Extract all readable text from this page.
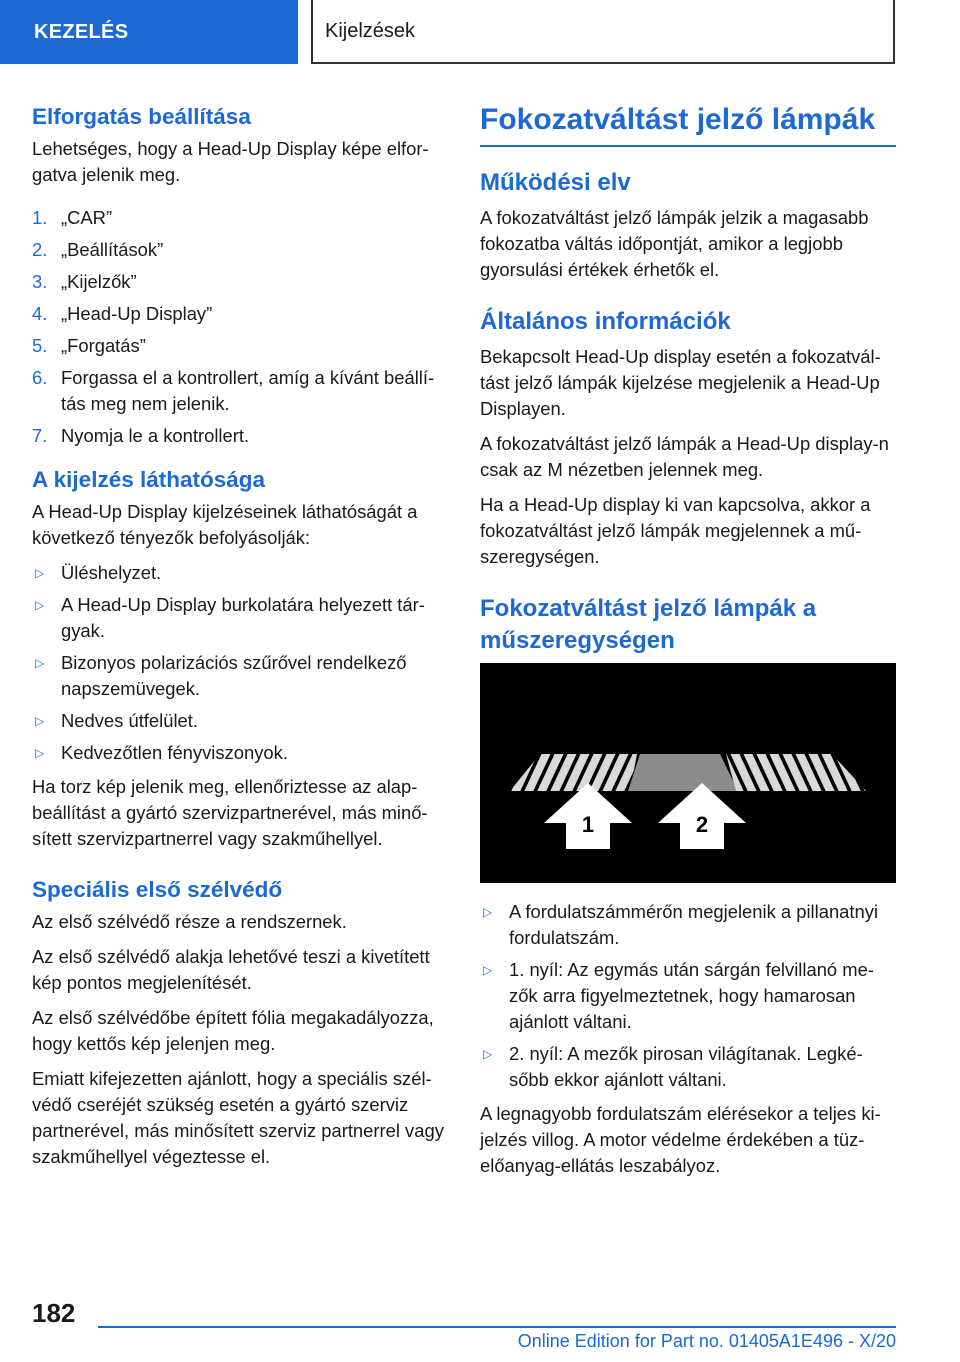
KEZELÉS	Kijelzések
Elforgatás beállítása

Lehetséges, hogy a Head-Up Display képe elfor-gatva jelenik meg.

1. „CAR”
2. „Beállítások”
3. „Kijelzők”
4. „Head-Up Display”
5. „Forgatás”
6. Forgassa el a kontrollert, amíg a kívánt beállí-tás meg nem jelenik.
7. Nyomja le a kontrollert.
A kijelzés láthatósága

A Head-Up Display kijelzéseinek láthatóságát a következő tényezők befolyásolják:

▷ Üléshelyzet.
▷ A Head-Up Display burkolatára helyezett tár-gyak.
▷ Bizonyos polarizációs szűrővel rendelkező napszemüvegek.
▷ Nedves útfelület.
▷ Kedvezőtlen fényviszonyok.

Ha torz kép jelenik meg, ellenőriztesse az alap-beállítást a gyártó szervizpartnerével, más minő-sített szervizpartnerrel vagy szakműhellyel.

Speciális első szélvédő

Az első szélvédő része a rendszernek.

Az első szélvédő alakja lehetővé teszi a kivetített kép pontos megjelenítését.

Az első szélvédőbe épített fólia megakadályozza, hogy kettős kép jelenjen meg.

Emiatt kifejezetten ajánlott, hogy a speciális szél-védő cseréjét szükség esetén a gyártó szerviz partnerével, más minősített szerviz partnerrel vagy szakműhellyel végeztesse el.

Fokozatváltást jelző lámpák
Működési elv

A fokozatváltást jelző lámpák jelzik a magasabb fokozatba váltás időpontját, amikor a legjobb gyorsulási értékek érhetők el.

Általános információk

Bekapcsolt Head-Up display esetén a fokozatvál-tást jelző lámpák kijelzése megjelenik a Head-Up Displayen.

A fokozatváltást jelző lámpák a Head-Up display-n csak az M nézetben jelennek meg.

Ha a Head-Up display ki van kapcsolva, akkor a fokozatváltást jelző lámpák megjelennek a mű-szeregységen.

Fokozatváltást jelző lámpák a
műszeregységen
1	2
▷ A fordulatszámmérőn megjelenik a pillanatnyi fordulatszám.
▷ 1. nyíl: Az egymás után sárgán felvillanó me-zők arra figyelmeztetnek, hogy hamarosan ajánlott váltani.
▷ 2. nyíl: A mezők pirosan világítanak. Legké-sőbb ekkor ajánlott váltani.

A legnagyobb fordulatszám elérésekor a teljes ki-jelzés villog. A motor védelme érdekében a tüz-előanyag-ellátás leszabályoz.

182
Online Edition for Part no. 01405A1E496 - X/20
